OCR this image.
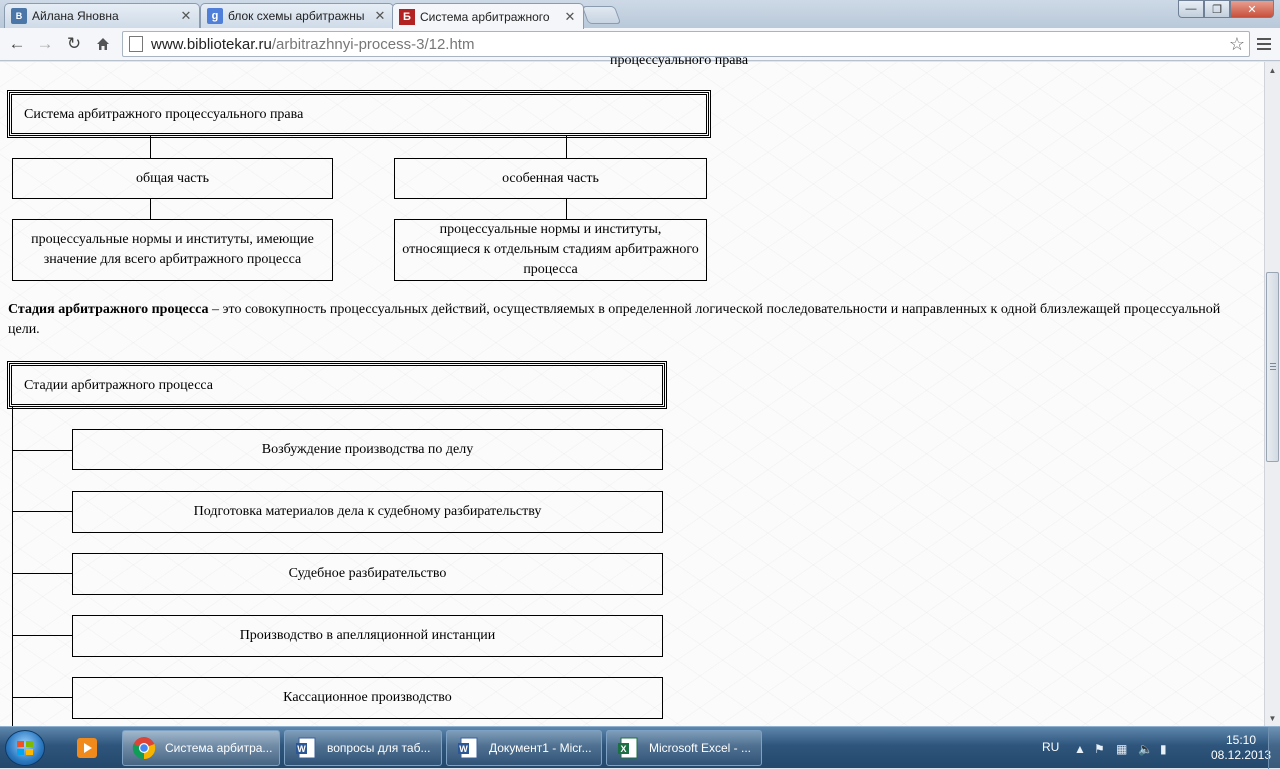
B Айлана Яновна	✕	g блок схемы арбитражны ✕	Б Система арбитражного	✕	—	❐	✕
← → ↻	www.bibliotekar.ru /arbitrazhnyi-process-3/12.htm	☆
процессуального права
Система арбитражного процессуального права
общая часть	особенная часть
процессуальные нормы и институты, имеющие значение для всего арбитражного процесса
процессуальные нормы и институты, относящиеся к отдельным стадиям арбитражного процесса
Стадия арбитражного процесса – это совокупность процессуальных действий, осуществляемых в определенной логической последовательности и направленных к одной близлежащей процессуальной цели.
Стадии арбитражного процесса
Возбуждение производства по делу
Подготовка материалов дела к судебному разбирательству
Судебное разбирательство
Производство в апелляционной инстанции
Кассационное производство
▲
▼
Система арбитра...	W вопросы для таб...	W Документ1 - Micr...	X Microsoft Excel - ...	RU ▲ ⚑ ▦ 🔈 ▮
15:10
08.12.2013
